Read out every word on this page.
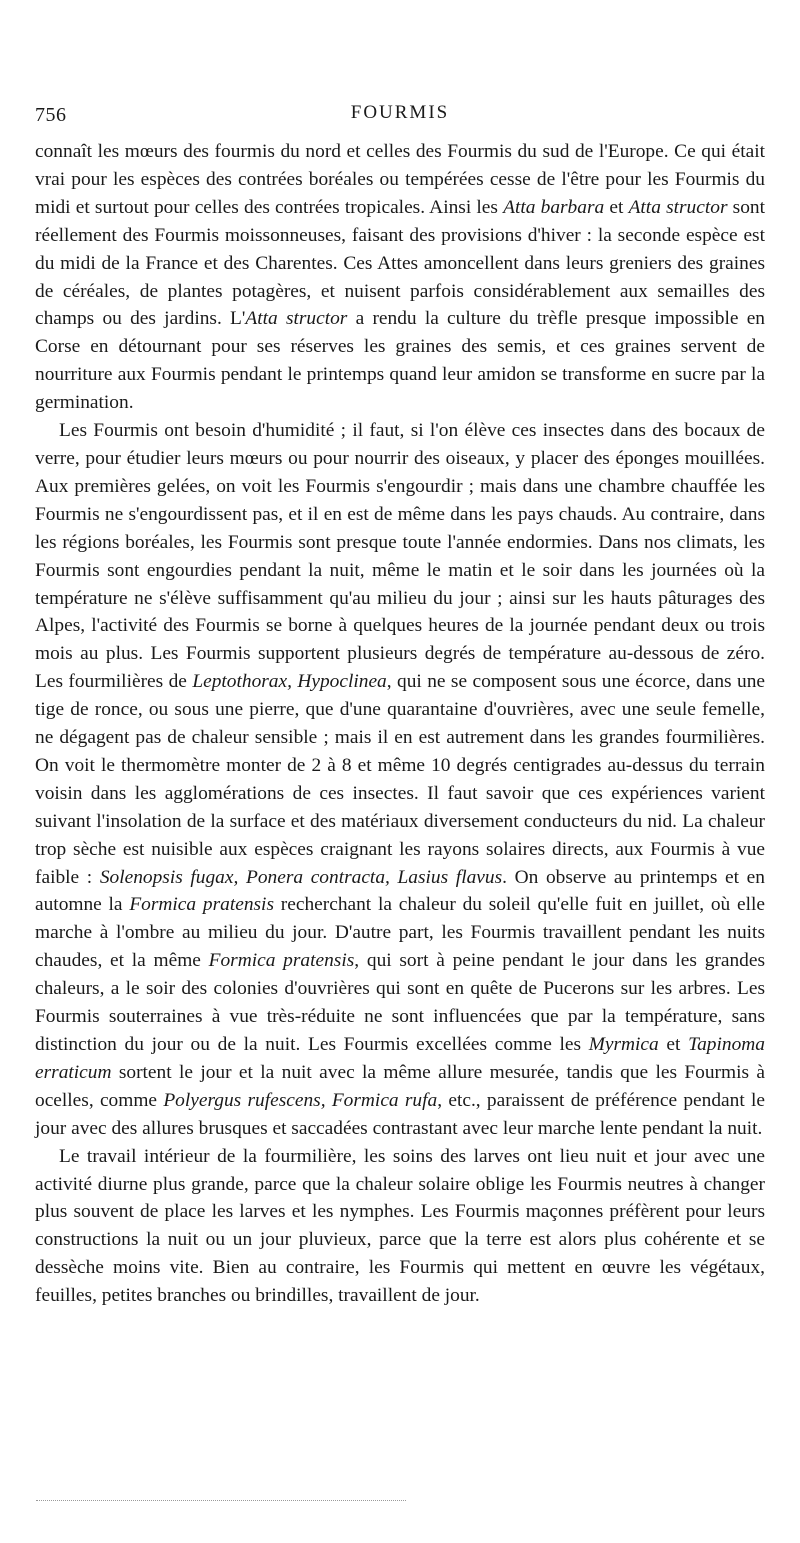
756	FOURMIS

connaît les mœurs des fourmis du nord et celles des Fourmis du sud de l'Europe. Ce qui était vrai pour les espèces des contrées boréales ou tempérées cesse de l'être pour les Fourmis du midi et surtout pour celles des contrées tropicales. Ainsi les Atta barbara et Atta structor sont réellement des Fourmis moissonneuses, faisant des provisions d'hiver : la seconde espèce est du midi de la France et des Charentes. Ces Attes amoncellent dans leurs greniers des graines de céréales, de plantes potagères, et nuisent parfois considérablement aux semailles des champs ou des jardins. L'Atta structor a rendu la culture du trèfle presque impossible en Corse en détournant pour ses réserves les graines des semis, et ces graines servent de nourriture aux Fourmis pendant le printemps quand leur amidon se transforme en sucre par la germination.

Les Fourmis ont besoin d'humidité ; il faut, si l'on élève ces insectes dans des bocaux de verre, pour étudier leurs mœurs ou pour nourrir des oiseaux, y placer des éponges mouillées. Aux premières gelées, on voit les Fourmis s'engourdir ; mais dans une chambre chauffée les Fourmis ne s'engourdissent pas, et il en est de même dans les pays chauds. Au contraire, dans les régions boréales, les Fourmis sont presque toute l'année endormies. Dans nos climats, les Fourmis sont engourdies pendant la nuit, même le matin et le soir dans les journées où la température ne s'élève suffisamment qu'au milieu du jour ; ainsi sur les hauts pâturages des Alpes, l'activité des Fourmis se borne à quelques heures de la journée pendant deux ou trois mois au plus. Les Fourmis supportent plusieurs degrés de température au-dessous de zéro. Les fourmilières de Leptothorax, Hypoclinea, qui ne se composent sous une écorce, dans une tige de ronce, ou sous une pierre, que d'une quarantaine d'ouvrières, avec une seule femelle, ne dégagent pas de chaleur sensible ; mais il en est autrement dans les grandes fourmilières. On voit le thermomètre monter de 2 à 8 et même 10 degrés centigrades au-dessus du terrain voisin dans les agglomérations de ces insectes. Il faut savoir que ces expériences varient suivant l'insolation de la surface et des matériaux diversement conducteurs du nid. La chaleur trop sèche est nuisible aux espèces craignant les rayons solaires directs, aux Fourmis à vue faible : Solenopsis fugax, Ponera contracta, Lasius flavus. On observe au printemps et en automne la Formica pratensis recherchant la chaleur du soleil qu'elle fuit en juillet, où elle marche à l'ombre au milieu du jour. D'autre part, les Fourmis travaillent pendant les nuits chaudes, et la même Formica pratensis, qui sort à peine pendant le jour dans les grandes chaleurs, a le soir des colonies d'ouvrières qui sont en quête de Pucerons sur les arbres. Les Fourmis souterraines à vue très-réduite ne sont influencées que par la température, sans distinction du jour ou de la nuit. Les Fourmis excellées comme les Myrmica et Tapinoma erraticum sortent le jour et la nuit avec la même allure mesurée, tandis que les Fourmis à ocelles, comme Polyergus rufescens, Formica rufa, etc., paraissent de préférence pendant le jour avec des allures brusques et saccadées contrastant avec leur marche lente pendant la nuit.

Le travail intérieur de la fourmilière, les soins des larves ont lieu nuit et jour avec une activité diurne plus grande, parce que la chaleur solaire oblige les Fourmis neutres à changer plus souvent de place les larves et les nymphes. Les Fourmis maçonnes préfèrent pour leurs constructions la nuit ou un jour pluvieux, parce que la terre est alors plus cohérente et se dessèche moins vite. Bien au contraire, les Fourmis qui mettent en œuvre les végétaux, feuilles, petites branches ou brindilles, travaillent de jour.
